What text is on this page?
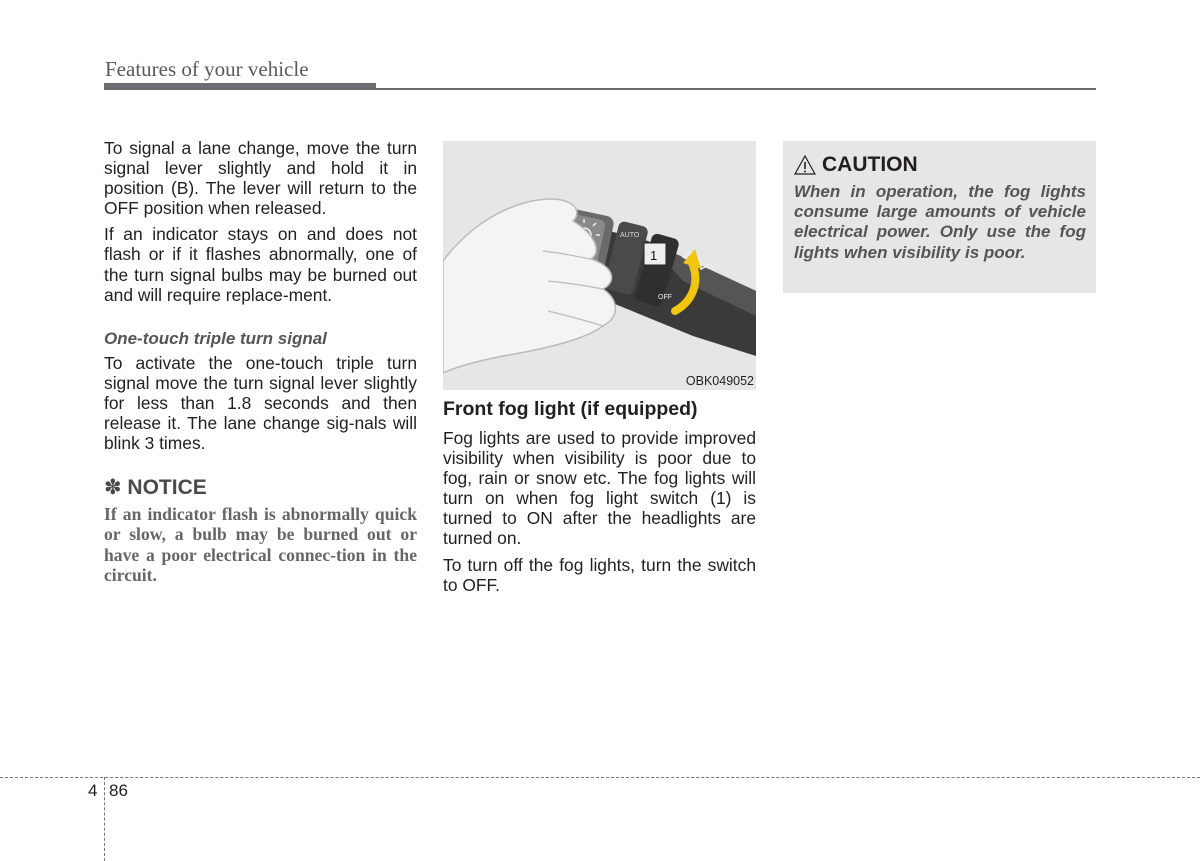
Features of your vehicle

To signal a lane change, move the turn signal lever slightly and hold it in position (B). The lever will return to the OFF position when released.

If an indicator stays on and does not flash or if it flashes abnormally, one of the turn signal bulbs may be burned out and will require replace-ment.

One-touch triple turn signal

To activate the one-touch triple turn signal move the turn signal lever slightly for less than 1.8 seconds and then release it. The lane change sig-nals will blink 3 times.

✽ NOTICE

If an indicator flash is abnormally quick or slow, a bulb may be burned out or have a poor electrical connec-tion in the circuit.

AUTO
1
OFF
OBK049052
Front fog light (if equipped)

Fog lights are used to provide improved visibility when visibility is poor due to fog, rain or snow etc. The fog lights will turn on when fog light switch (1) is turned to ON after the headlights are turned on.

To turn off the fog lights, turn the switch to OFF.

CAUTION

When in operation, the fog lights consume large amounts of vehicle electrical power. Only use the fog lights when visibility is poor.

4 86
